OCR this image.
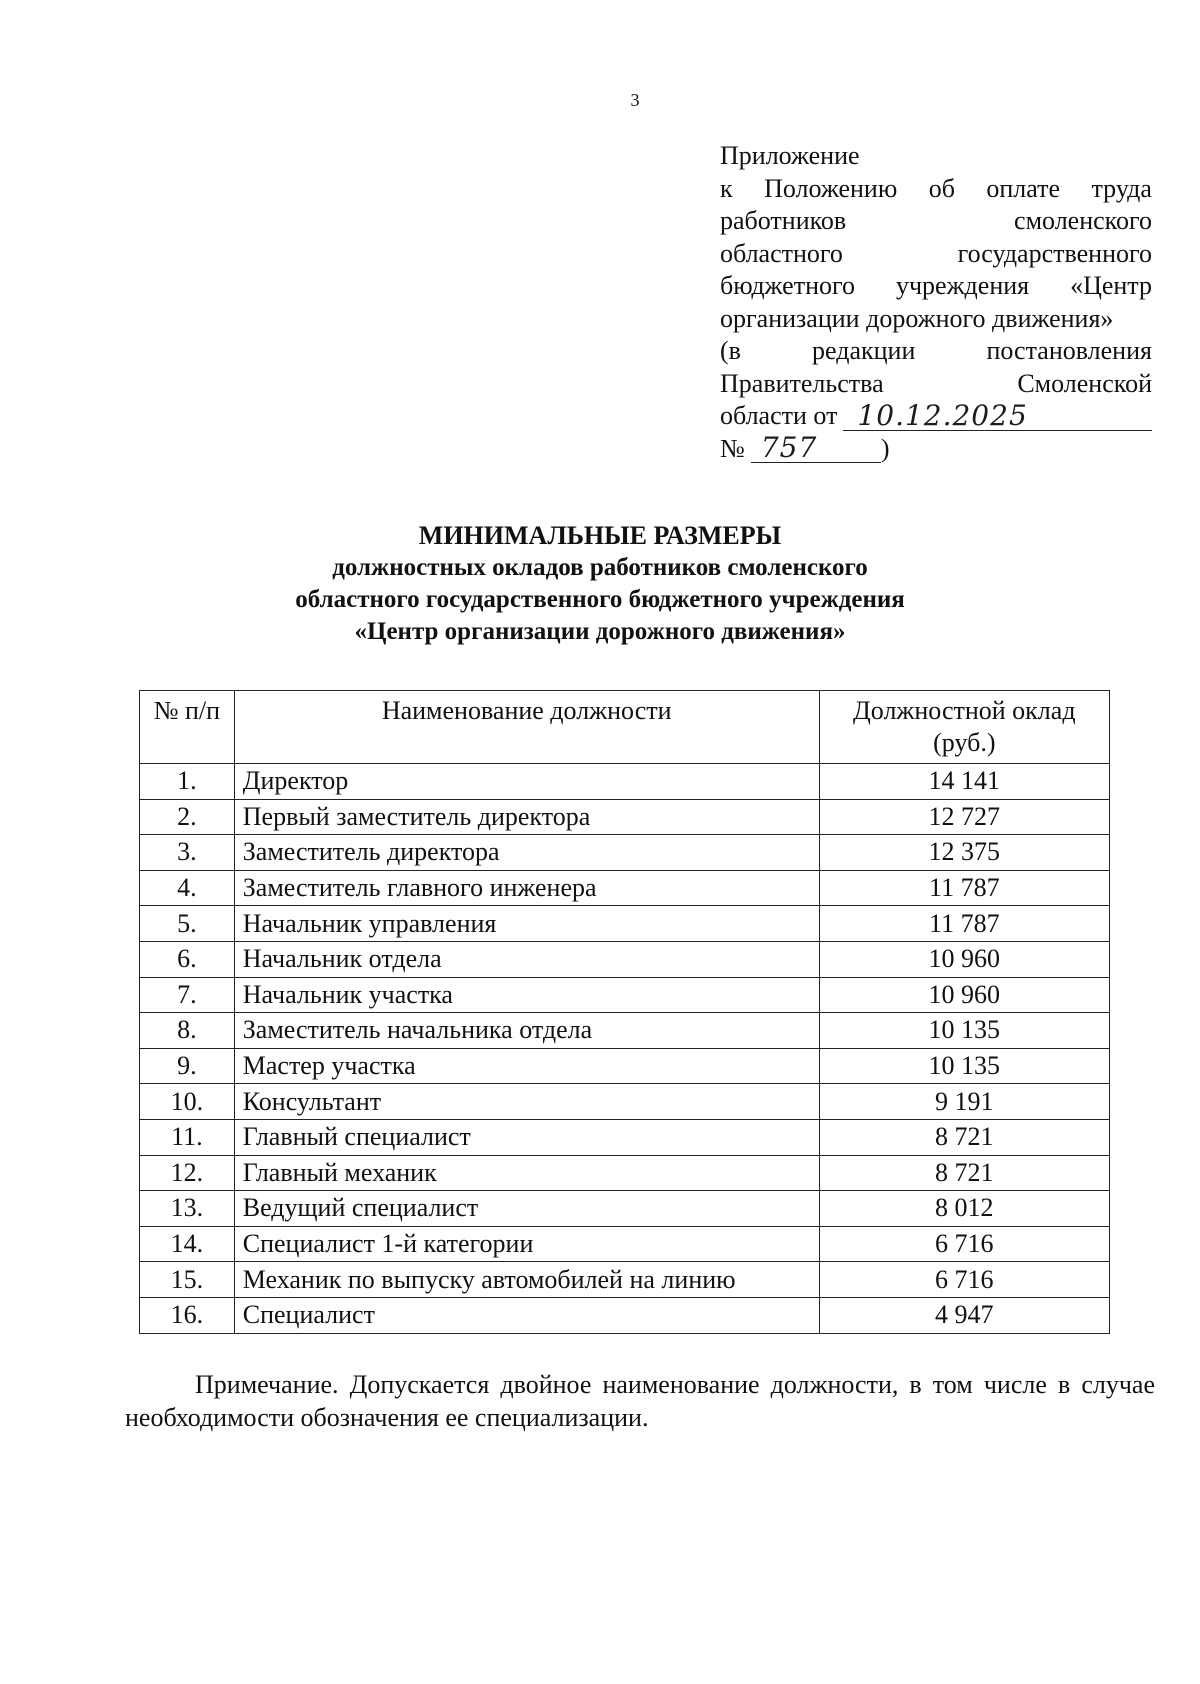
3
Приложение
к Положению об оплате труда
работников	смоленского
областного	государственного
бюджетного учреждения «Центр
организации дорожного движения»
(в	редакции	постановления
Правительства	Смоленской
области от 10.12.2025
№ 757	)
МИНИМАЛЬНЫЕ РАЗМЕРЫ
должностных окладов работников смоленского
областного государственного бюджетного учреждения
«Центр организации дорожного движения»
№ п/п	Наименование должности	Должностной оклад (руб.)
1.	Директор	14 141
2.	Первый заместитель директора	12 727
3.	Заместитель директора	12 375
4.	Заместитель главного инженера	11 787
5.	Начальник управления	11 787
6.	Начальник отдела	10 960
7.	Начальник участка	10 960
8.	Заместитель начальника отдела	10 135
9.	Мастер участка	10 135
10.	Консультант	9 191
11.	Главный специалист	8 721
12.	Главный механик	8 721
13.	Ведущий специалист	8 012
14.	Специалист 1-й категории	6 716
15.	Механик по выпуску автомобилей на линию	6 716
16.	Специалист	4 947
Примечание. Допускается двойное наименование должности, в том числе в случае необходимости обозначения ее специализации.
